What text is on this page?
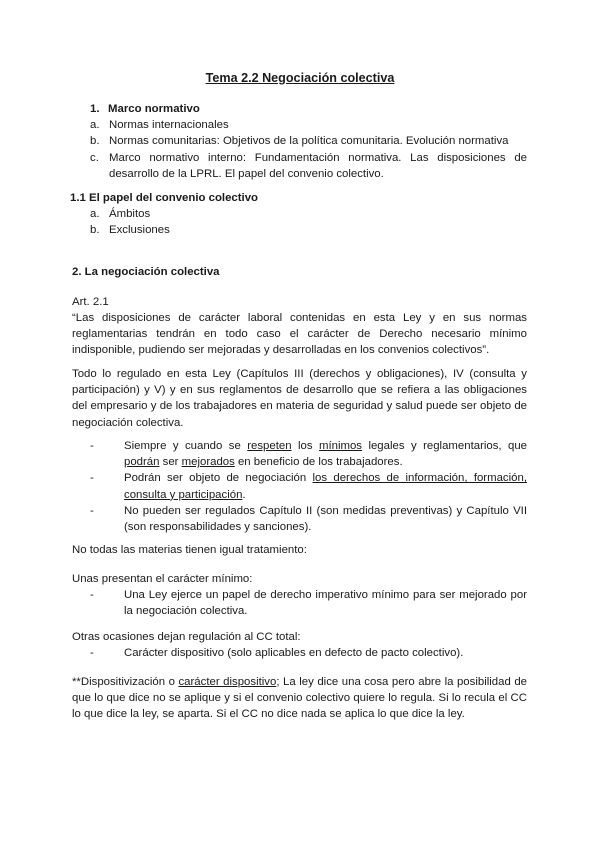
Tema 2.2 Negociación colectiva
1. Marco normativo
a. Normas internacionales
b. Normas comunitarias: Objetivos de la política comunitaria. Evolución normativa
c. Marco normativo interno: Fundamentación normativa. Las disposiciones de desarrollo de la LPRL. El papel del convenio colectivo.
1.1 El papel del convenio colectivo
a. Ámbitos
b. Exclusiones
2. La negociación colectiva
Art. 2.1
“Las disposiciones de carácter laboral contenidas en esta Ley y en sus normas reglamentarias tendrán en todo caso el carácter de Derecho necesario mínimo indisponible, pudiendo ser mejoradas y desarrolladas en los convenios colectivos”.
Todo lo regulado en esta Ley (Capítulos III (derechos y obligaciones), IV (consulta y participación) y V) y en sus reglamentos de desarrollo que se refiera a las obligaciones del empresario y de los trabajadores en materia de seguridad y salud puede ser objeto de negociación colectiva.
-	Siempre y cuando se respeten los mínimos legales y reglamentarios, que podrán ser mejorados en beneficio de los trabajadores.
-	Podrán ser objeto de negociación los derechos de información, formación, consulta y participación.
-	No pueden ser regulados Capítulo II (son medidas preventivas) y Capítulo VII (son responsabilidades y sanciones).
No todas las materias tienen igual tratamiento:
Unas presentan el carácter mínimo:
-	Una Ley ejerce un papel de derecho imperativo mínimo para ser mejorado por la negociación colectiva.
Otras ocasiones dejan regulación al CC total:
-	Carácter dispositivo (solo aplicables en defecto de pacto colectivo).
**Dispositivización o carácter dispositivo; La ley dice una cosa pero abre la posibilidad de que lo que dice no se aplique y si el convenio colectivo quiere lo regula. Si lo recula el CC lo que dice la ley, se aparta. Si el CC no dice nada se aplica lo que dice la ley.
